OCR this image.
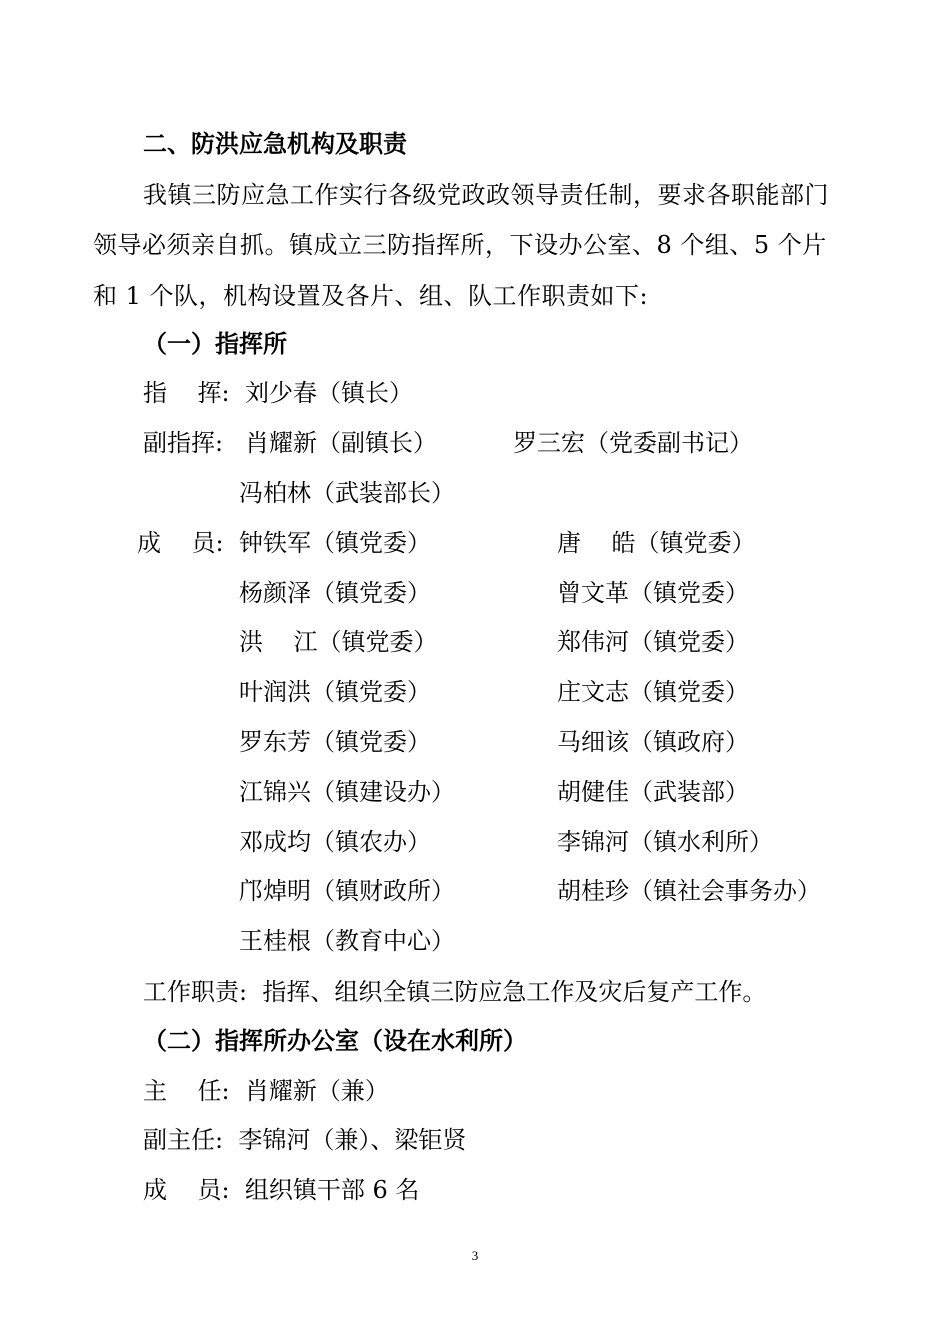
二、防洪应急机构及职责
我镇三防应急工作实行各级党政政领导责任制，要求各职能部门
领导必须亲自抓。镇成立三防指挥所，下设办公室、8 个组、5 个片
和 1 个队，机构设置及各片、组、队工作职责如下:
（一）指挥所
指    挥: 刘少春（镇长）
副指挥: 肖耀新（副镇长）	罗三宏（党委副书记）
冯柏林（武装部长）
成    员: 钟铁军（镇党委）
杨颜泽（镇党委）
洪    江（镇党委）
叶润洪（镇党委）
罗东芳（镇党委）
江锦兴（镇建设办）
邓成均（镇农办）
邝焯明（镇财政所）
王桂根（教育中心）
唐    皓（镇党委）
曾文革（镇党委）
郑伟河（镇党委）
庄文志（镇党委）
马细该（镇政府）
胡健佳（武装部）
李锦河（镇水利所）
胡桂珍（镇社会事务办）
工作职责:  指挥、组织全镇三防应急工作及灾后复产工作。
（二）指挥所办公室（设在水利所）
主    任:  肖耀新（兼）
副主任:  李锦河（兼）、梁钜贤
成    员:  组织镇干部 6 名
3
